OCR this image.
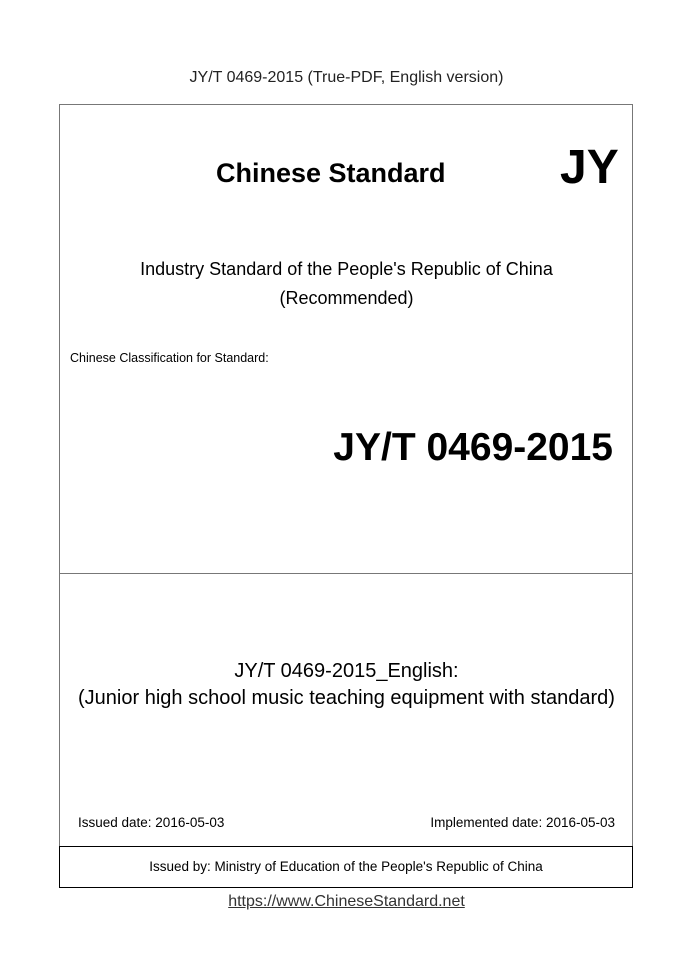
JY/T 0469-2015 (True-PDF, English version)
Chinese Standard JY
Industry Standard of the People's Republic of China
(Recommended)
Chinese Classification for Standard:
JY/T 0469-2015
JY/T 0469-2015_English:
(Junior high school music teaching equipment with standard)
Issued date: 2016-05-03	Implemented date: 2016-05-03
Issued by: Ministry of Education of the People's Republic of China
https://www.ChineseStandard.net
